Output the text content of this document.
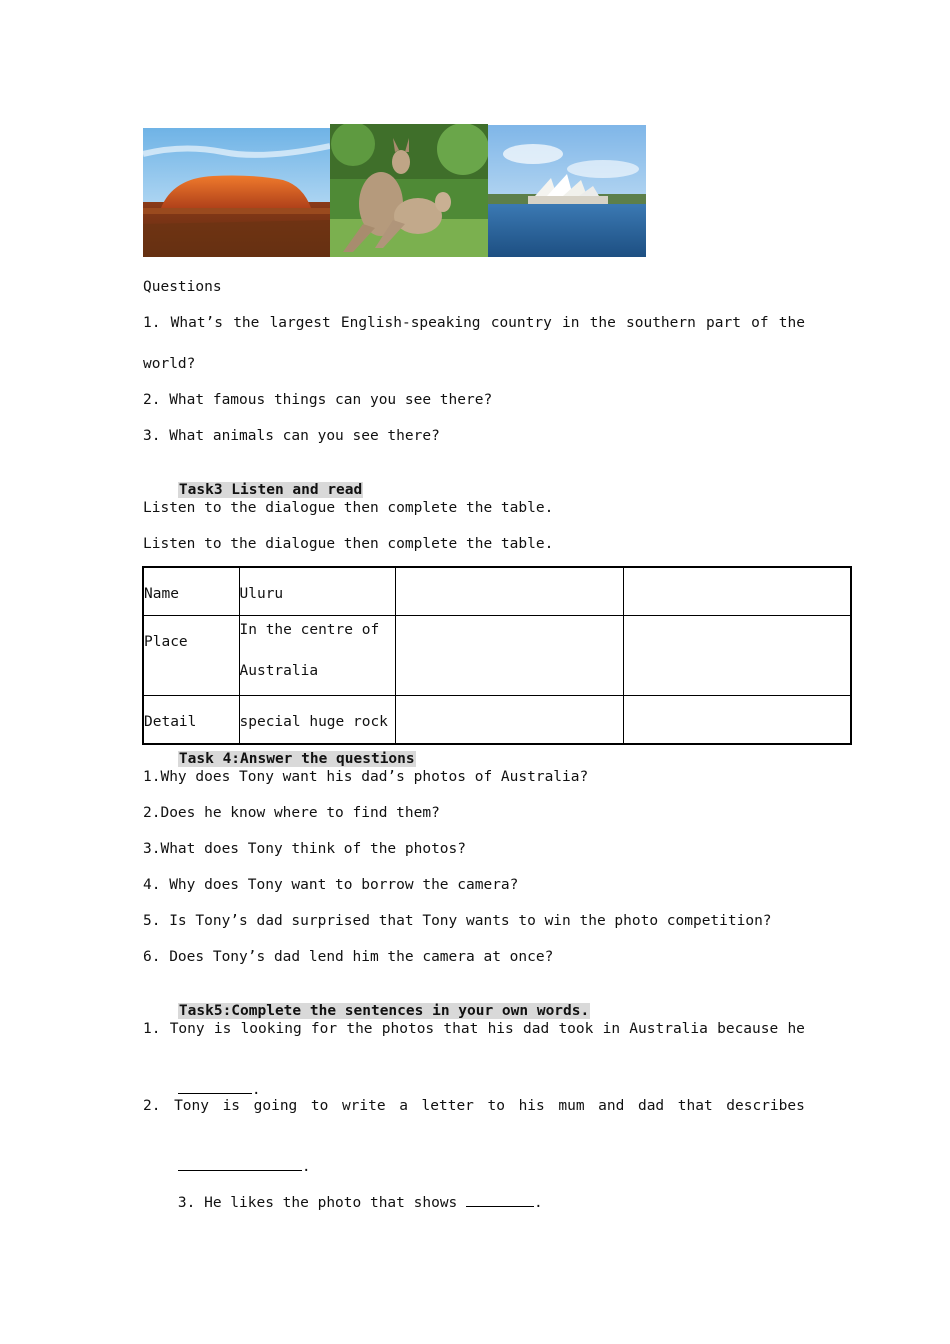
Questions
1. What’s the largest English-speaking country in the southern part of the
world?
2. What famous things can you see there?
3. What animals can you see there?

Task3 Listen and read

Listen to the dialogue then complete the table.
Listen to the dialogue then complete the table.
Name	Uluru		
Place	In the centre of Australia		

Detail	special huge rock		

Task 4:Answer the questions

1.Why does Tony want his dad’s photos of Australia?
2.Does he know where to find them?
3.What does Tony think of the photos?
4. Why does Tony want to borrow the camera?
5. Is Tony’s dad surprised that Tony wants to win the photo competition?
6. Does Tony’s dad lend him the camera at once?

Task5:Complete the sentences in your own words.

1. Tony is looking for the photos that his dad took in Australia because he

.

2. Tony is going to write a letter to his mum and dad that describes

.

3. He likes the photo that shows	.
